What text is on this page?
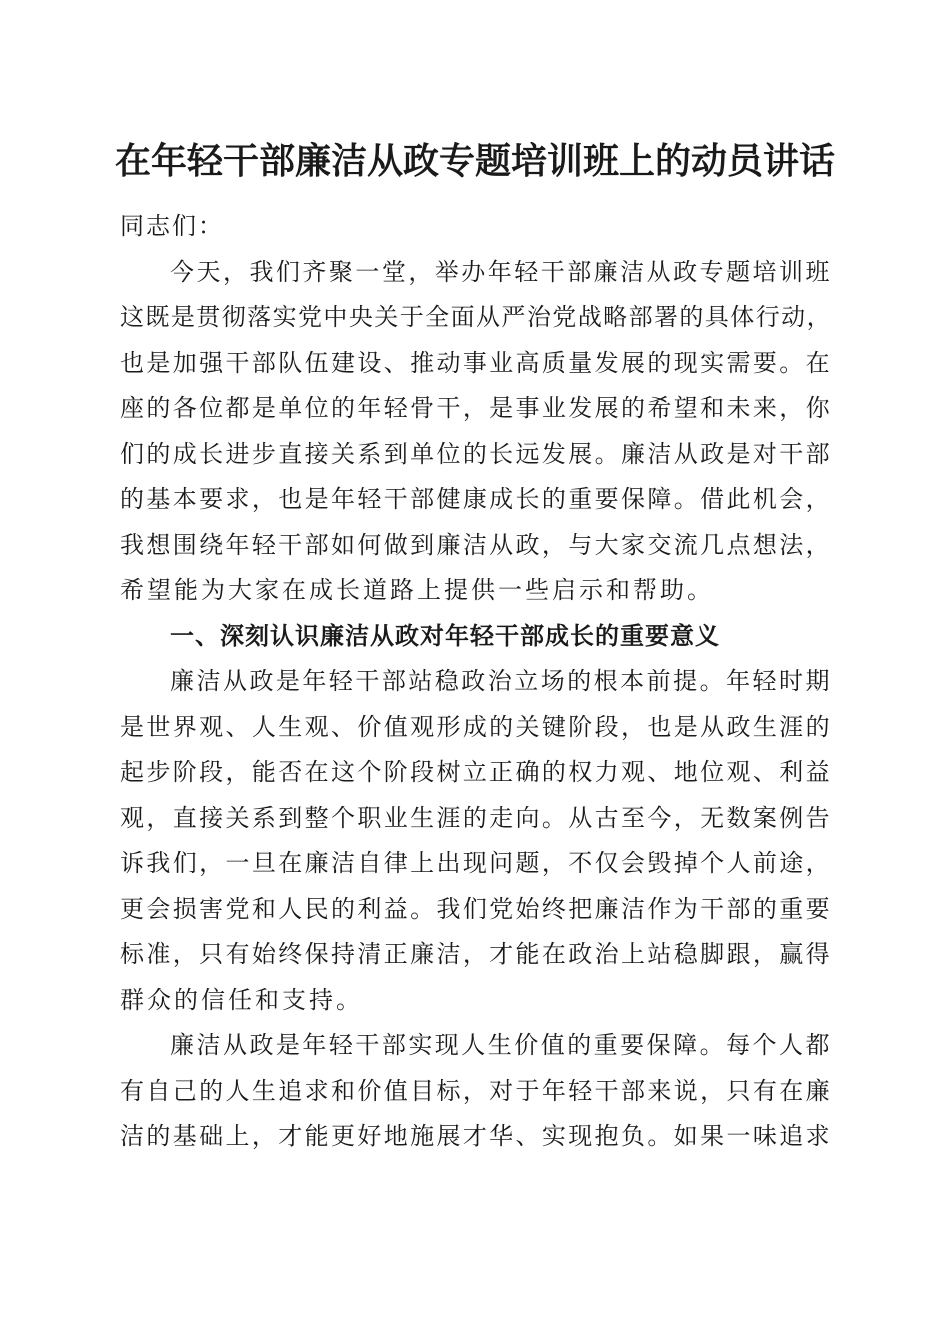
在年轻干部廉洁从政专题培训班上的动员讲话

同志们：

今天，我们齐聚一堂，举办年轻干部廉洁从政专题培训班
这既是贯彻落实党中央关于全面从严治党战略部署的具体行动，
也是加强干部队伍建设、推动事业高质量发展的现实需要。在
座的各位都是单位的年轻骨干，是事业发展的希望和未来，你
们的成长进步直接关系到单位的长远发展。廉洁从政是对干部
的基本要求，也是年轻干部健康成长的重要保障。借此机会，
我想围绕年轻干部如何做到廉洁从政，与大家交流几点想法，
希望能为大家在成长道路上提供一些启示和帮助。

一、深刻认识廉洁从政对年轻干部成长的重要意义

廉洁从政是年轻干部站稳政治立场的根本前提。年轻时期
是世界观、人生观、价值观形成的关键阶段，也是从政生涯的
起步阶段，能否在这个阶段树立正确的权力观、地位观、利益
观，直接关系到整个职业生涯的走向。从古至今，无数案例告
诉我们，一旦在廉洁自律上出现问题，不仅会毁掉个人前途，
更会损害党和人民的利益。我们党始终把廉洁作为干部的重要
标准，只有始终保持清正廉洁，才能在政治上站稳脚跟，赢得
群众的信任和支持。
廉洁从政是年轻干部实现人生价值的重要保障。每个人都
有自己的人生追求和价值目标，对于年轻干部来说，只有在廉
洁的基础上，才能更好地施展才华、实现抱负。如果一味追求
